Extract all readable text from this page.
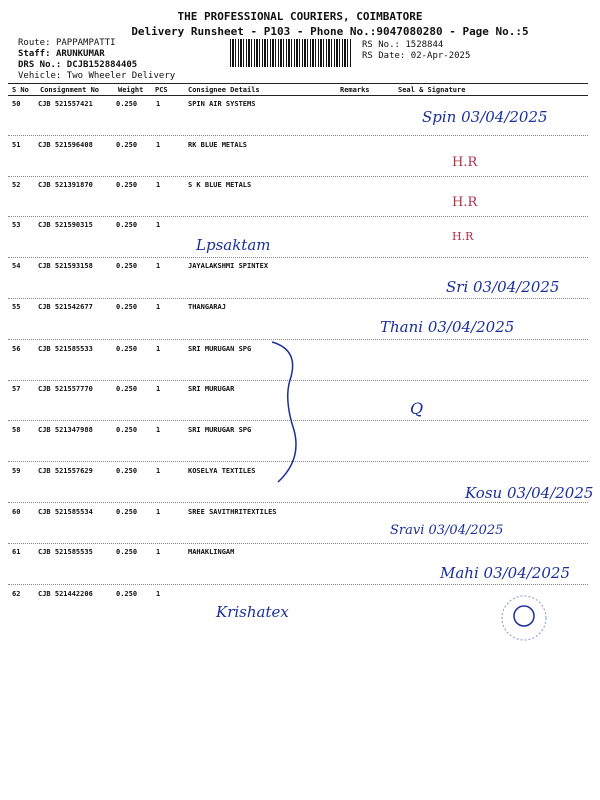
THE PROFESSIONAL COURIERS, COIMBATORE
Delivery Runsheet - P103 - Phone No.:9047080280 - Page No.:5
Route: PAPPAMPATTI
Staff: ARUNKUMAR
DRS No.: DCJB152884405
Vehicle: Two Wheeler Delivery
RS No.: 1528844
RS Date: 02-Apr-2025
S No Consignment No	Weight PCS	Consignee Details	Remarks	Seal & Signature
50	CJB 521557421	0.250	1	SPIN AIR SYSTEMS
51	CJB 521596408	0.250	1	RK BLUE METALS
52	CJB 521391870	0.250	1	S K BLUE METALS
53	CJB 521590315	0.250	1
54	CJB 521593158	0.250	1	JAYALAKSHMI SPINTEX
55	CJB 521542677	0.250	1	THANGARAJ
56	CJB 521585533	0.250	1	SRI MURUGAN SPG
57	CJB 521557770	0.250	1	SRI MURUGAR
58	CJB 521347988	0.250	1	SRI MURUGAR SPG
59	CJB 521557629	0.250	1	KOSELYA TEXTILES
60	CJB 521585534	0.250	1	SREE SAVITHRITEXTILES
61	CJB 521585535	0.250	1	MAHAKLINGAM
62	CJB 521442206	0.250	1
Spin 03/04/2025
Lpsaktam
Sri 03/04/2025
Thani 03/04/2025
Q
Kosu 03/04/2025
Sravi 03/04/2025
Mahi 03/04/2025
Krishatex
H.R
H.R
H.R
